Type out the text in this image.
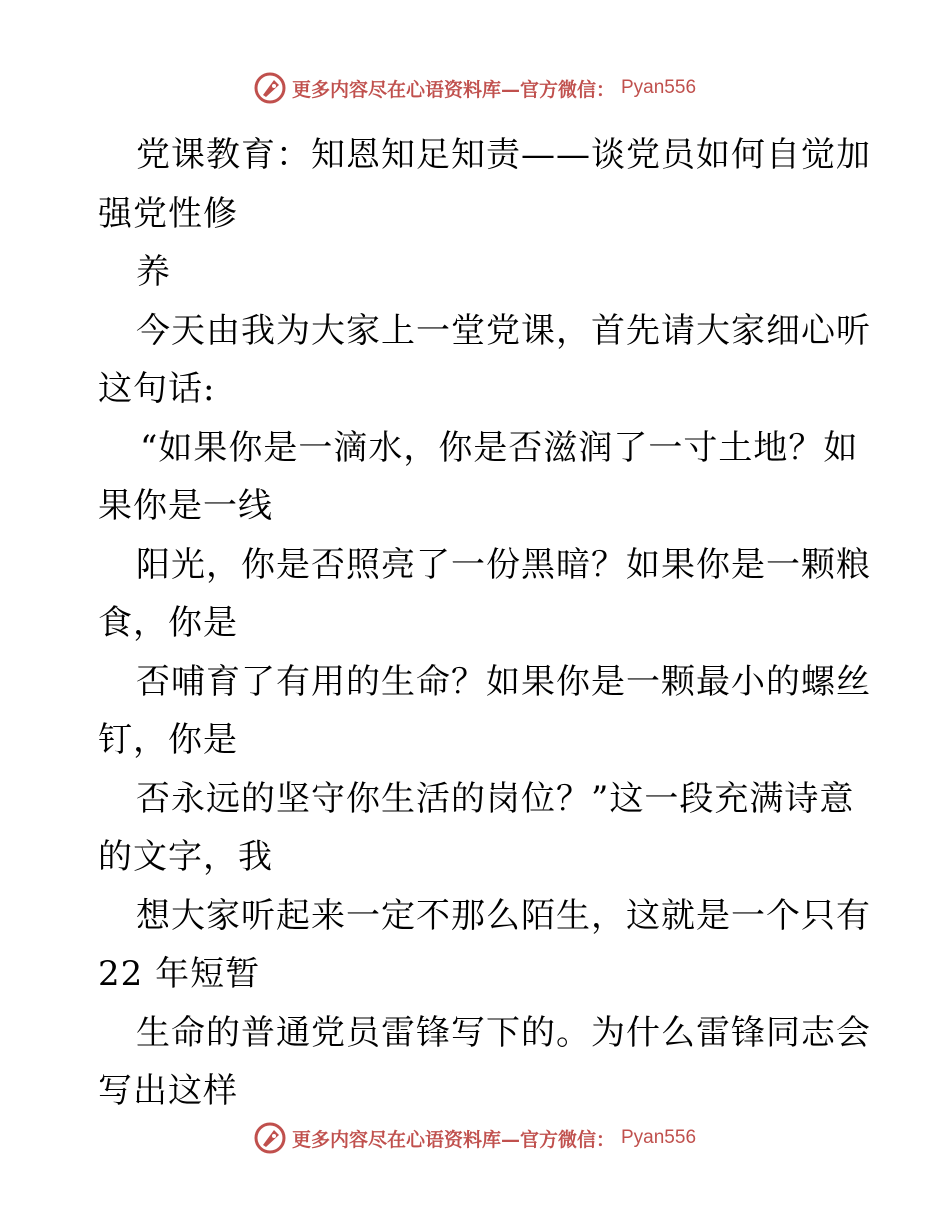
更多内容尽在心语资料库—官方微信： Pyan556
党课教育：知恩知足知责——谈党员如何自觉加
强党性修
养
今天由我为大家上一堂党课，首先请大家细心听
这句话:
“如果你是一滴水，你是否滋润了一寸土地？如
果你是一线
阳光，你是否照亮了一份黑暗？如果你是一颗粮
食，你是
否哺育了有用的生命？如果你是一颗最小的螺丝
钉，你是
否永远的坚守你生活的岗位？”这一段充满诗意
的文字，我
想大家听起来一定不那么陌生，这就是一个只有
22 年短暂
生命的普通党员雷锋写下的。为什么雷锋同志会
写出这样
更多内容尽在心语资料库—官方微信： Pyan556
